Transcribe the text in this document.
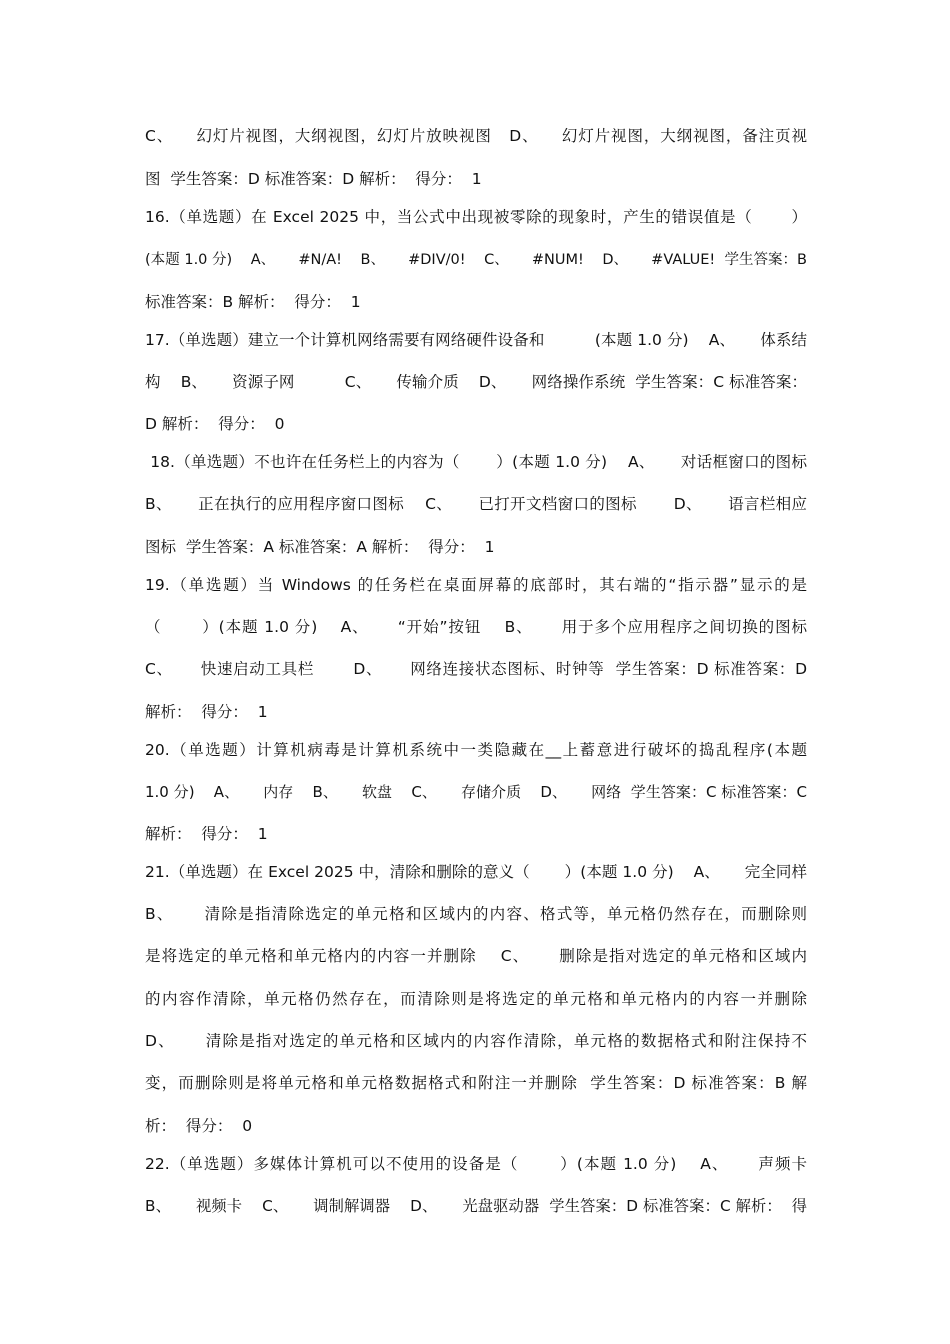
C、    幻灯片视图，大纲视图，幻灯片放映视图   D、    幻灯片视图，大纲视图，备注页视
图  学生答案：D 标准答案：D 解析：  得分：  1
16.（单选题）在 Excel 2025 中，当公式中出现被零除的现象时，产生的错误值是（       ）
(本题 1.0 分)    A、     #N/A!    B、     #DIV/0!    C、     #NUM!    D、     #VALUE!  学生答案：B
标准答案：B 解析：  得分：  1
17.（单选题）建立一个计算机网络需要有网络硬件设备和          (本题 1.0 分)    A、     体系结
构    B、     资源子网          C、     传输介质    D、     网络操作系统  学生答案：C 标准答案：
D 解析：  得分：  0
18.（单选题）不也许在任务栏上的内容为（       ）(本题 1.0 分)    A、     对话框窗口的图标
B、     正在执行的应用程序窗口图标    C、     已打开文档窗口的图标       D、     语言栏相应
图标  学生答案：A 标准答案：A 解析：  得分：  1
19.（单选题）当 Windows 的任务栏在桌面屏幕的底部时，其右端的“指示器”显示的是
（       ）(本题 1.0 分)    A、     “开始”按钮    B、     用于多个应用程序之间切换的图标
C、     快速启动工具栏       D、     网络连接状态图标、时钟等  学生答案：D 标准答案：D
解析：  得分：  1
20.（单选题）计算机病毒是计算机系统中一类隐藏在__上蓄意进行破坏的捣乱程序(本题
1.0 分)    A、     内存    B、     软盘    C、     存储介质    D、     网络  学生答案：C 标准答案：C
解析：  得分：  1
21.（单选题）在 Excel 2025 中，清除和删除的意义（       ）(本题 1.0 分)    A、     完全同样
B、     清除是指清除选定的单元格和区域内的内容、格式等，单元格仍然存在，而删除则
是将选定的单元格和单元格内的内容一并删除    C、     删除是指对选定的单元格和区域内
的内容作清除，单元格仍然存在，而清除则是将选定的单元格和单元格内的内容一并删除
D、     清除是指对选定的单元格和区域内的内容作清除，单元格的数据格式和附注保持不
变，而删除则是将单元格和单元格数据格式和附注一并删除  学生答案：D 标准答案：B 解
析：  得分：  0
22.（单选题）多媒体计算机可以不使用的设备是（       ）(本题 1.0 分)    A、     声频卡
B、     视频卡    C、     调制解调器    D、     光盘驱动器  学生答案：D 标准答案：C 解析：  得
